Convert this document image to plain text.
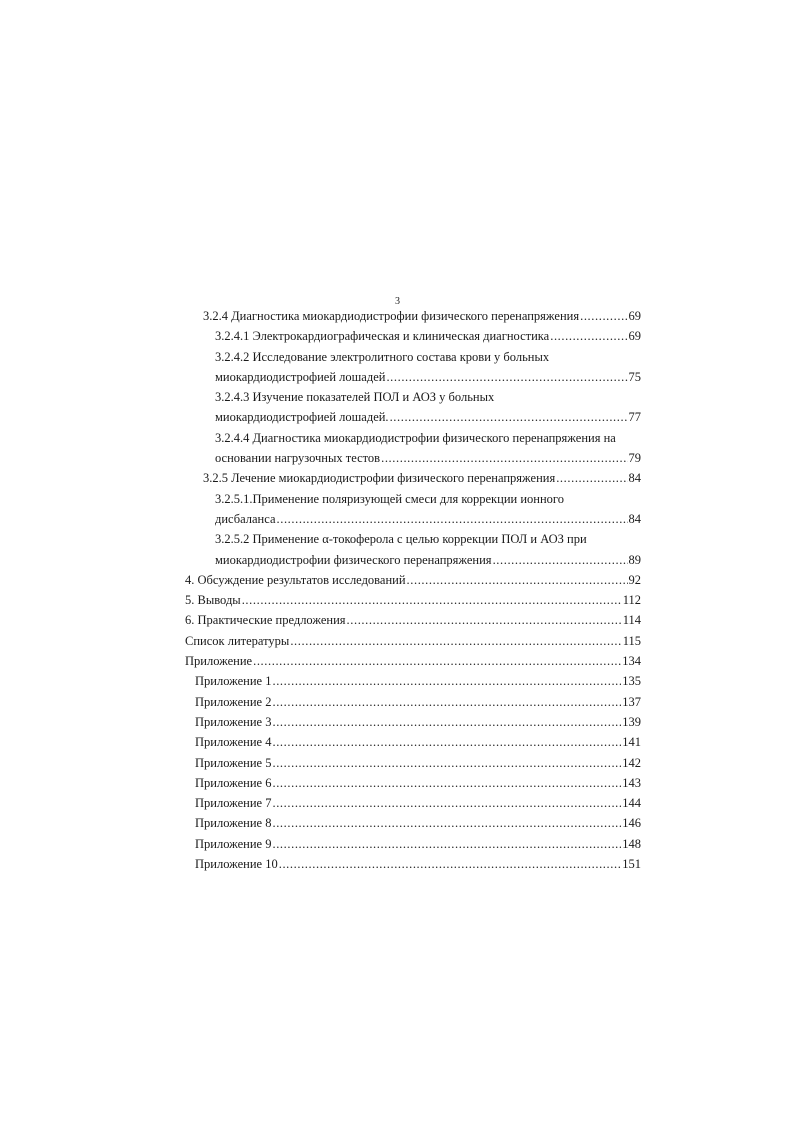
3
3.2.4 Диагностика миокардиодистрофии физического перенапряжения .....	69
3.2.4.1 Электрокардиографическая и клиническая диагностика .....	69
3.2.4.2 Исследование электролитного состава крови у больных
миокардиодистрофией лошадей .....	75
3.2.4.3 Изучение показателей ПОЛ и АОЗ у больных
миокардиодистрофией лошадей. .....	77
3.2.4.4 Диагностика миокардиодистрофии физического перенапряжения на
основании нагрузочных тестов .....	79
3.2.5 Лечение миокардиодистрофии физического перенапряжения .....	84
3.2.5.1.Применение поляризующей смеси для коррекции ионного
дисбаланса .....	84
3.2.5.2 Применение α-токоферола с целью коррекции ПОЛ и АОЗ при
миокардиодистрофии физического перенапряжения .....	89
4. Обсуждение результатов исследований .....	92
5. Выводы .....	112
6. Практические предложения .....	114
Список литературы .....	115
Приложение .....	134
Приложение 1 .....	135
Приложение 2 .....	137
Приложение 3 .....	139
Приложение 4 .....	141
Приложение 5 .....	142
Приложение 6 .....	143
Приложение 7 .....	144
Приложение 8 .....	146
Приложение 9 .....	148
Приложение 10 .....	151
